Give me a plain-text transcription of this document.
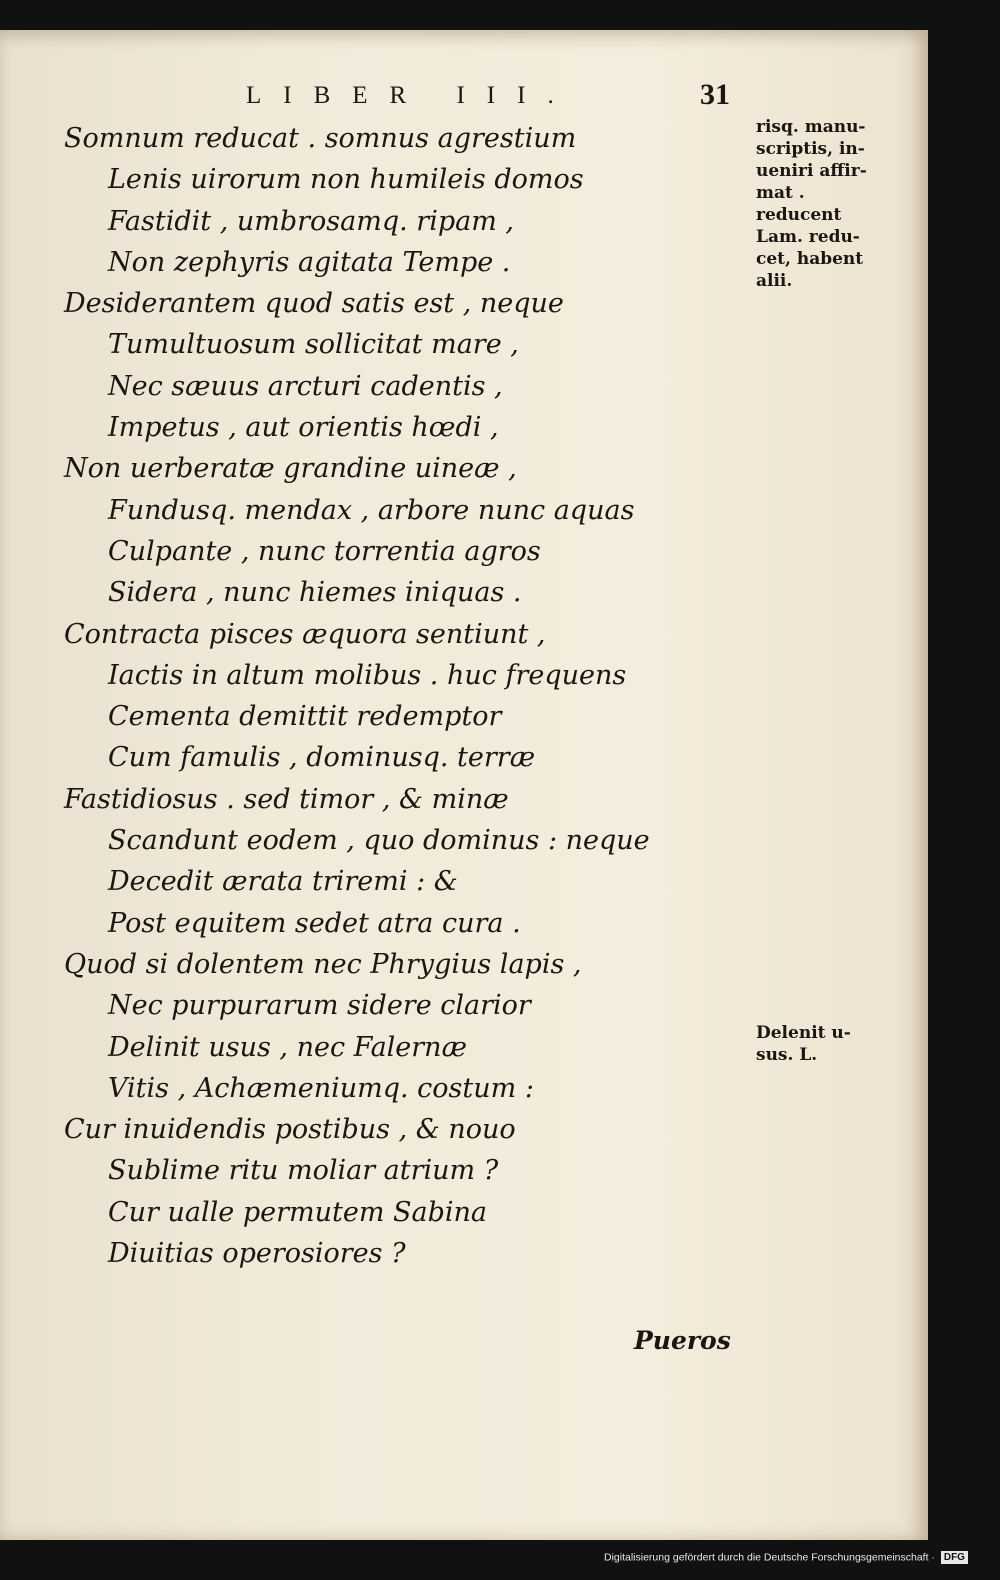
LIBER III.	31
Somnum reducat . somnus agrestium
Lenis uirorum non humileis domos
Fastidit , umbrosamq. ripam ,
Non zephyris agitata Tempe .
Desiderantem quod satis est , neque
Tumultuosum sollicitat mare ,
Nec sæuus arcturi cadentis ,
Impetus , aut orientis hœdi ,
Non uerberatæ grandine uineæ ,
Fundusq. mendax , arbore nunc aquas
Culpante , nunc torrentia agros
Sidera , nunc hiemes iniquas .
Contracta pisces æquora sentiunt ,
Iactis in altum molibus . huc frequens
Cementa demittit redemptor
Cum famulis , dominusq. terræ
Fastidiosus . sed timor , & minæ
Scandunt eodem , quo dominus : neque
Decedit ærata triremi : &
Post equitem sedet atra cura .
Quod si dolentem nec Phrygius lapis ,
Nec purpurarum sidere clarior
Delinit usus , nec Falernæ
Vitis , Achæmeniumq. costum :
Cur inuidendis postibus , & nouo
Sublime ritu moliar atrium ?
Cur ualle permutem Sabina
Diuitias operosiores ?
risq. manu-
scriptis, in-
ueniri affir-
mat .
reducent
Lam. redu-
cet, habent
alii.
Delenit u-
sus. L.
Pueros
Digitalisierung gefördert durch die Deutsche Forschungsgemeinschaft · DFG
